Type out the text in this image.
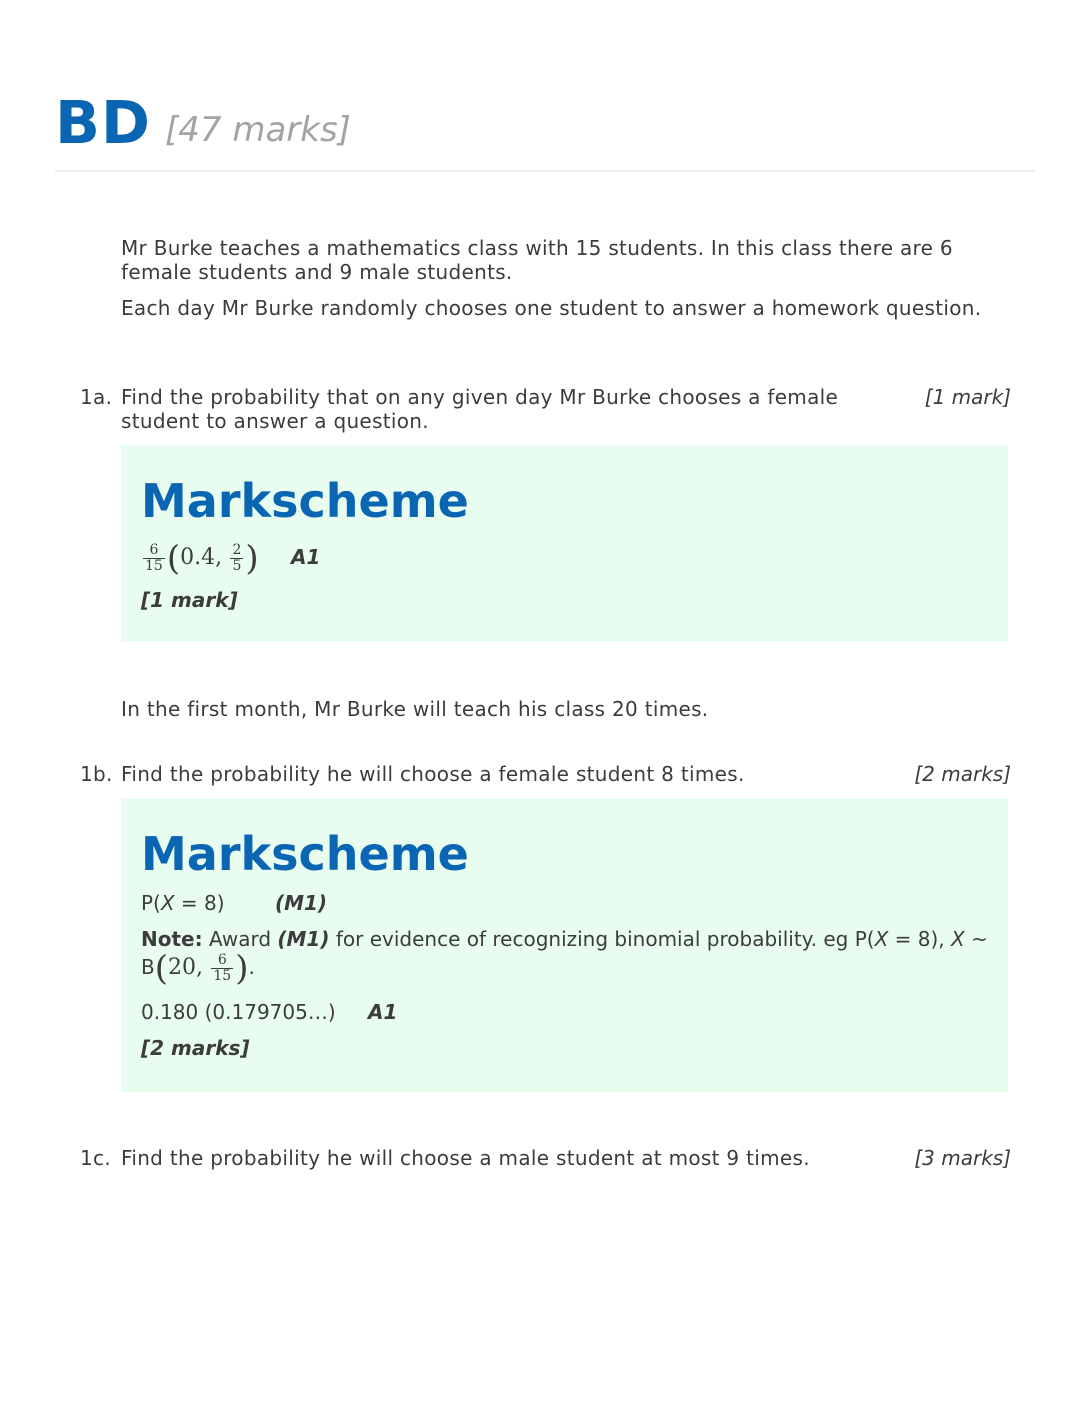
BD [47 marks]
Mr Burke teaches a mathematics class with 15 students. In this class there are 6 female students and 9 male students.
Each day Mr Burke randomly chooses one student to answer a homework question.
1a. Find the probability that on any given day Mr Burke chooses a female student to answer a question.
[1 mark]
Markscheme
$\frac{6}{15} (0.4$, $\frac{2}{5}$ ) A1
[1 mark]
In the first month, Mr Burke will teach his class 20 times.
1b. Find the probability he will choose a female student 8 times.	[2 marks]
Markscheme
P(X = 8)	(M1)
Note: Award (M1) for evidence of recognizing binomial probability. eg P(X = 8), X ~ B(20, $\frac{6}{15}$ ).
0.180 (0.179705…) A1
[2 marks]
1c. Find the probability he will choose a male student at most 9 times.	[3 marks]
